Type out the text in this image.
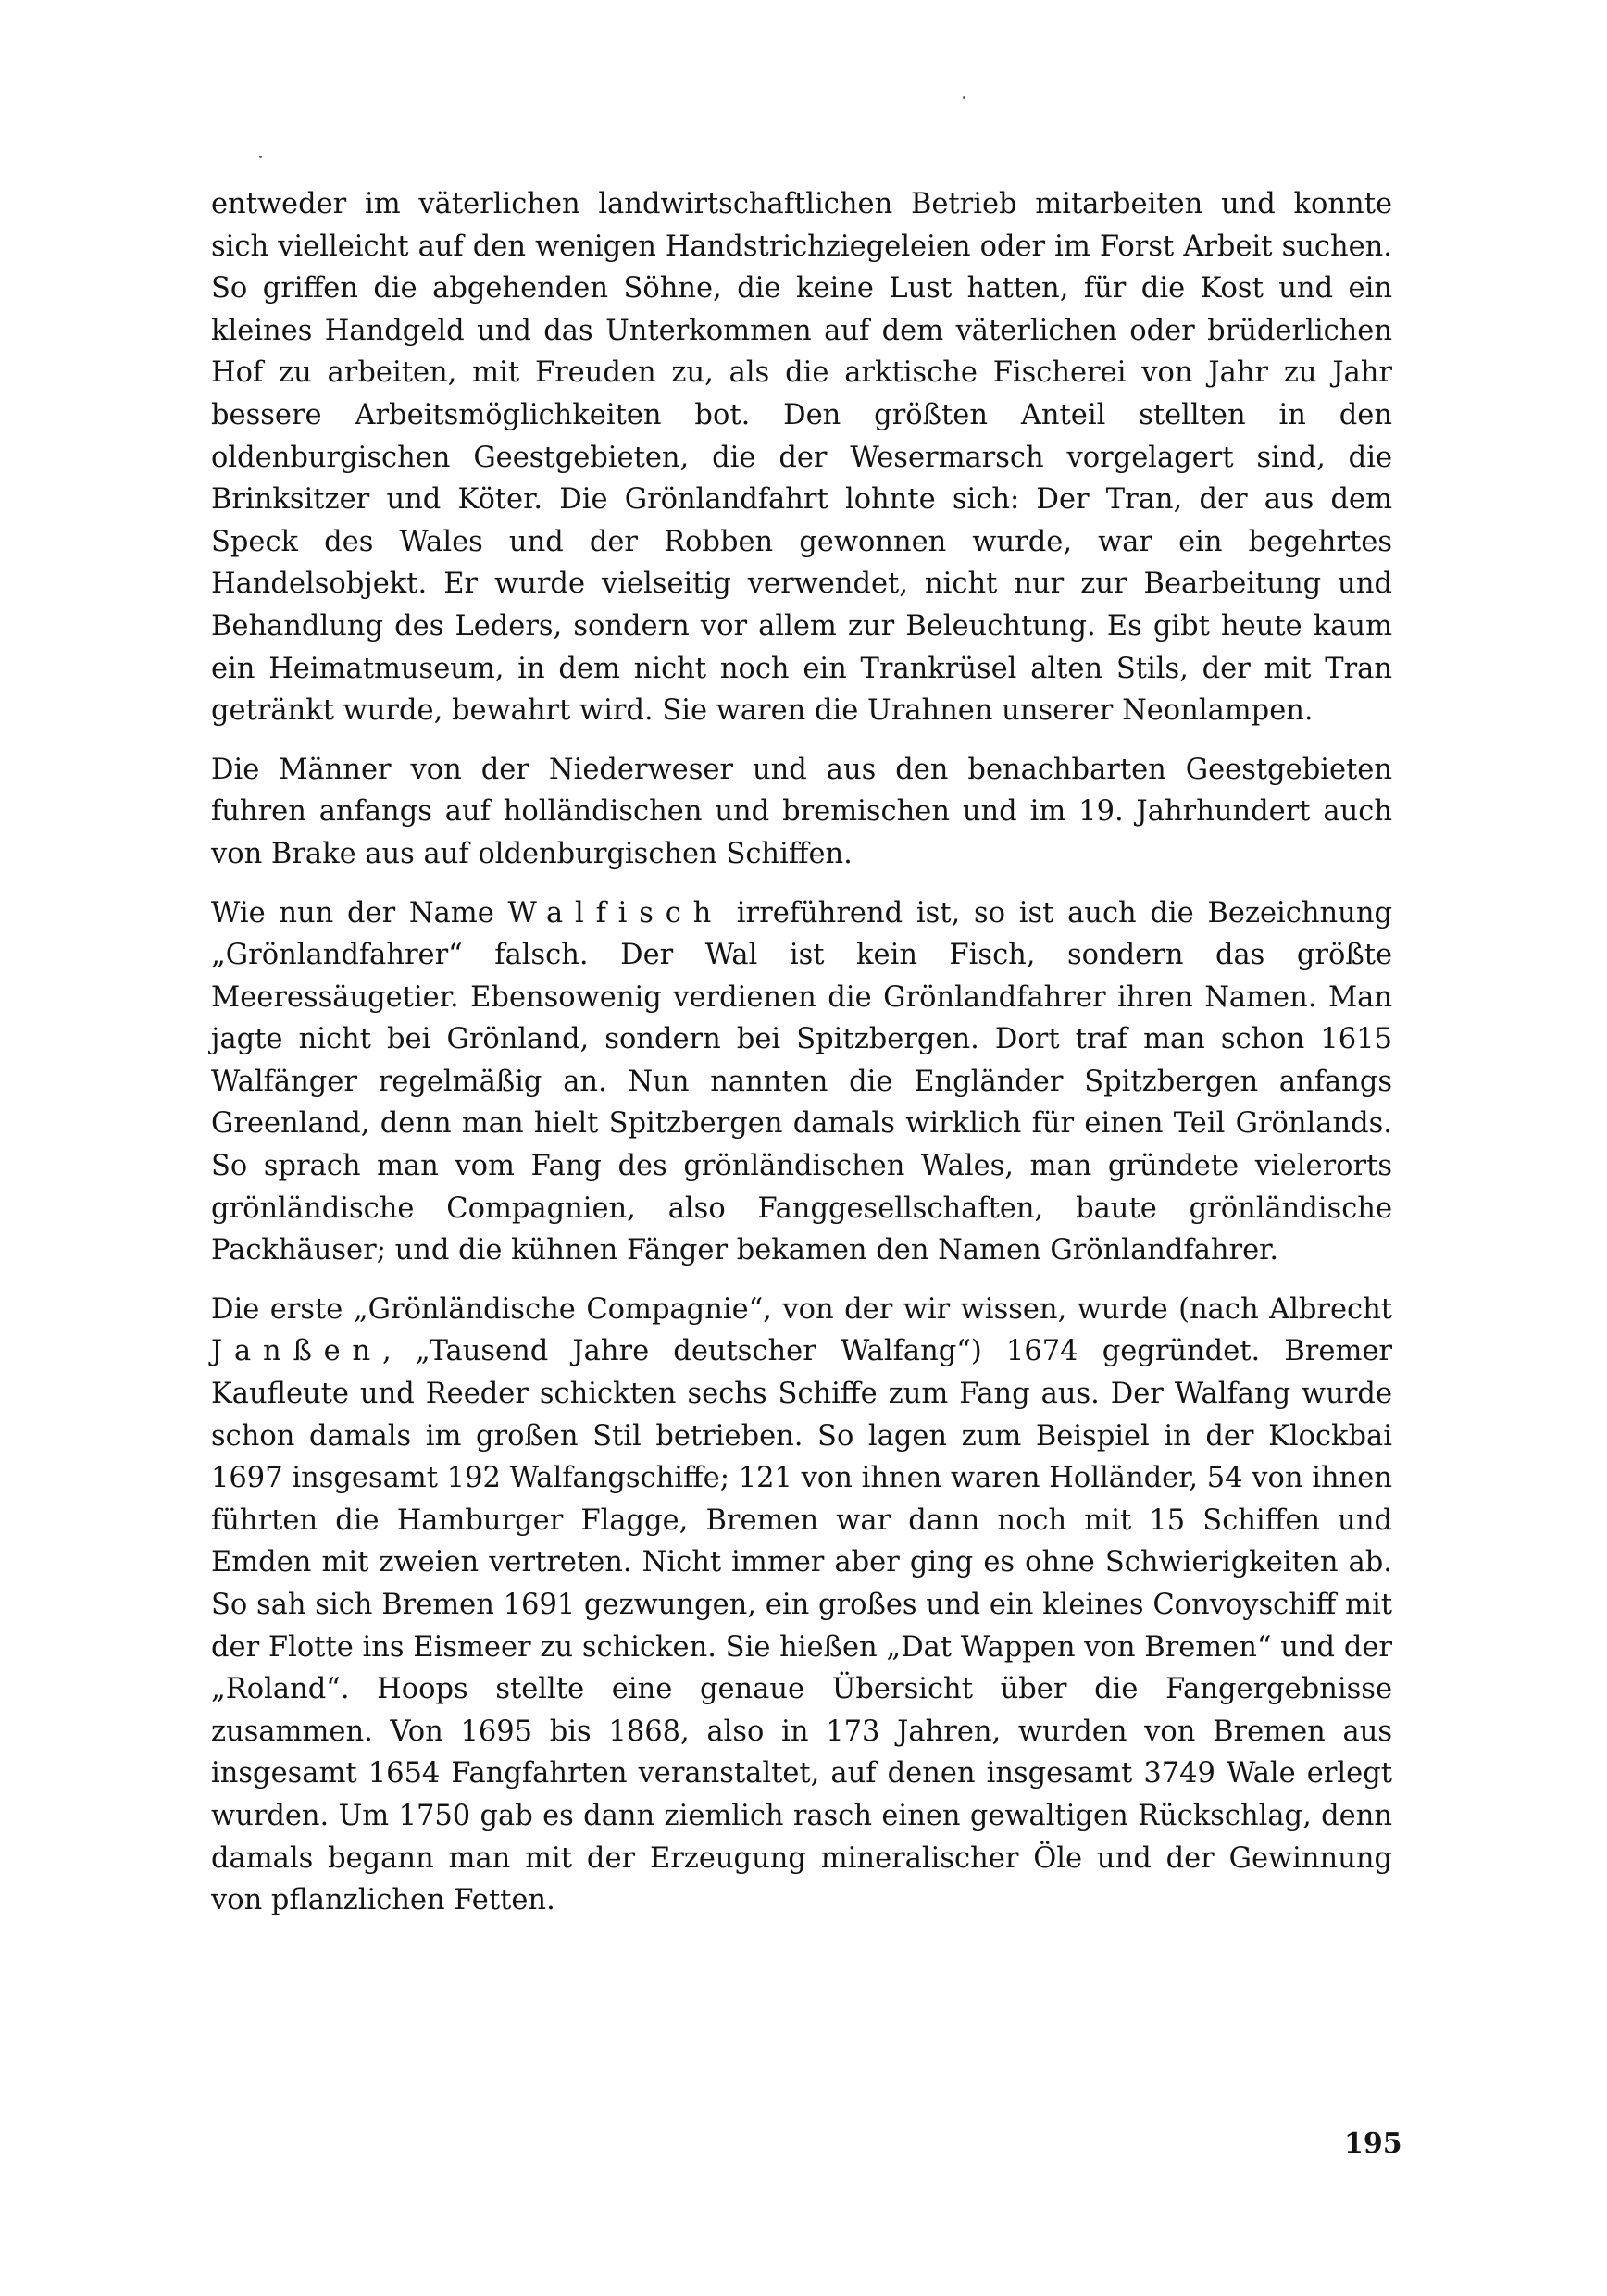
entweder im väterlichen landwirtschaftlichen Betrieb mitarbeiten und konnte sich vielleicht auf den wenigen Handstrichziegeleien oder im Forst Arbeit suchen. So griffen die abgehenden Söhne, die keine Lust hatten, für die Kost und ein kleines Handgeld und das Unterkommen auf dem väterlichen oder brüderlichen Hof zu arbeiten, mit Freuden zu, als die arktische Fischerei von Jahr zu Jahr bessere Arbeitsmöglichkeiten bot. Den größten Anteil stellten in den oldenburgischen Geestgebieten, die der Wesermarsch vorgelagert sind, die Brinksitzer und Köter. Die Grönlandfahrt lohnte sich: Der Tran, der aus dem Speck des Wales und der Robben gewonnen wurde, war ein begehrtes Handelsobjekt. Er wurde vielseitig verwendet, nicht nur zur Bearbeitung und Behandlung des Leders, sondern vor allem zur Beleuchtung. Es gibt heute kaum ein Heimatmuseum, in dem nicht noch ein Trankrüsel alten Stils, der mit Tran getränkt wurde, bewahrt wird. Sie waren die Urahnen unserer Neonlampen.

Die Männer von der Niederweser und aus den benachbarten Geestgebieten fuhren anfangs auf holländischen und bremischen und im 19. Jahrhundert auch von Brake aus auf oldenburgischen Schiffen.

Wie nun der Name Walfisch irreführend ist, so ist auch die Bezeichnung „Grönlandfahrer“ falsch. Der Wal ist kein Fisch, sondern das größte Meeressäugetier. Ebensowenig verdienen die Grönlandfahrer ihren Namen. Man jagte nicht bei Grönland, sondern bei Spitzbergen. Dort traf man schon 1615 Walfänger regelmäßig an. Nun nannten die Engländer Spitzbergen anfangs Greenland, denn man hielt Spitzbergen damals wirklich für einen Teil Grönlands. So sprach man vom Fang des grönländischen Wales, man gründete vielerorts grönländische Compagnien, also Fanggesellschaften, baute grönländische Packhäuser; und die kühnen Fänger bekamen den Namen Grönlandfahrer.

Die erste „Grönländische Compagnie“, von der wir wissen, wurde (nach Albrecht Janßen, „Tausend Jahre deutscher Walfang“) 1674 gegründet. Bremer Kaufleute und Reeder schickten sechs Schiffe zum Fang aus. Der Walfang wurde schon damals im großen Stil betrieben. So lagen zum Beispiel in der Klockbai 1697 insgesamt 192 Walfangschiffe; 121 von ihnen waren Holländer, 54 von ihnen führten die Hamburger Flagge, Bremen war dann noch mit 15 Schiffen und Emden mit zweien vertreten. Nicht immer aber ging es ohne Schwierigkeiten ab. So sah sich Bremen 1691 gezwungen, ein großes und ein kleines Convoyschiff mit der Flotte ins Eismeer zu schicken. Sie hießen „Dat Wappen von Bremen“ und der „Roland“. Hoops stellte eine genaue Übersicht über die Fangergebnisse zusammen. Von 1695 bis 1868, also in 173 Jahren, wurden von Bremen aus insgesamt 1654 Fangfahrten veranstaltet, auf denen insgesamt 3749 Wale erlegt wurden. Um 1750 gab es dann ziemlich rasch einen gewaltigen Rückschlag, denn damals begann man mit der Erzeugung mineralischer Öle und der Gewinnung von pflanzlichen Fetten.

195
